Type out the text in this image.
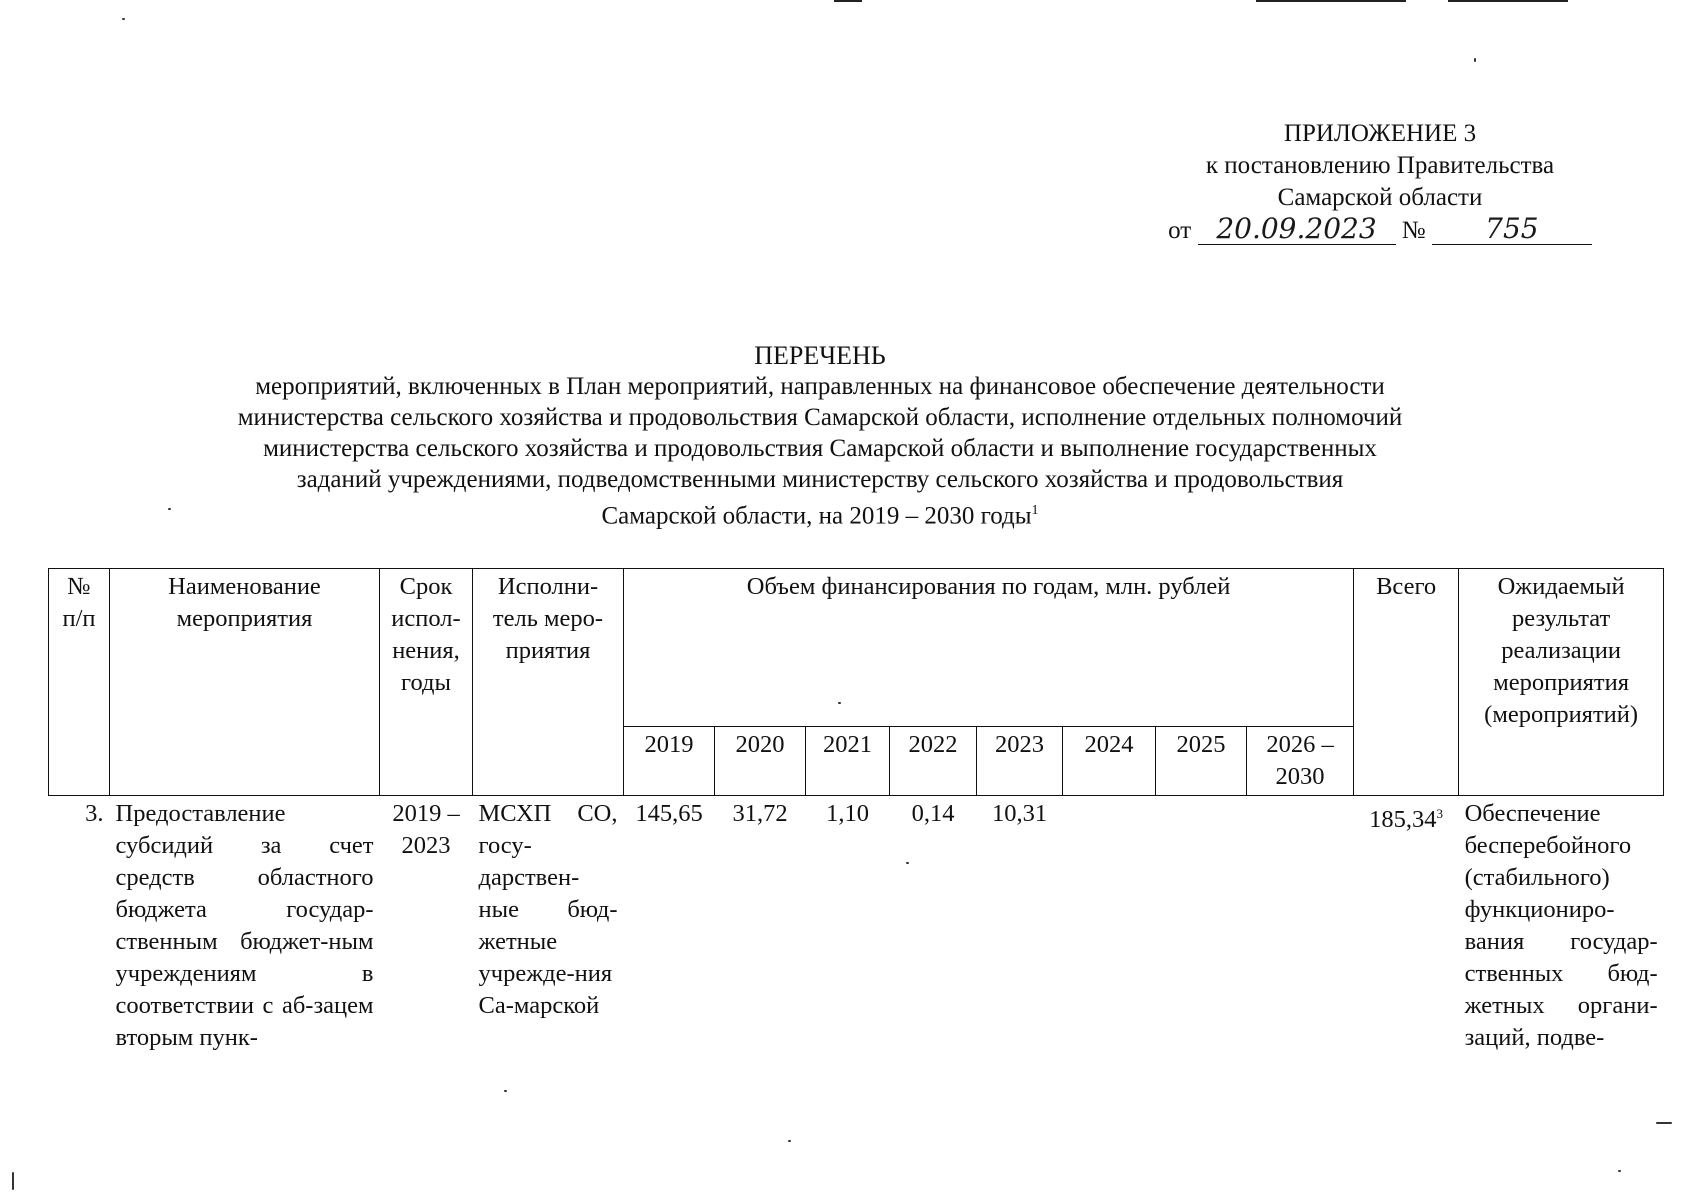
ПРИЛОЖЕНИЕ 3
к постановлению Правительства
Самарской области
от 20.09.2023 № 755
ПЕРЕЧЕНЬ
мероприятий, включенных в План мероприятий, направленных на финансовое обеспечение деятельности
министерства сельского хозяйства и продовольствия Самарской области, исполнение отдельных полномочий
министерства сельского хозяйства и продовольствия Самарской области и выполнение государственных
заданий учреждениями, подведомственными министерству сельского хозяйства и продовольствия
Самарской области, на 2019 – 2030 годы$^1$
№ п/п	Наименование мероприятия	Срок испол-нения, годы	Исполни-тель меро-приятия	Объем финансирования по годам, млн. рублей								Всего	Ожидаемый результат реализации мероприятия (мероприятий)
				2019	2020	2021	2022	2023	2024	2025	2026 – 2030		
3.	Предоставление субсидий за счет средств областного бюджета государ-ственным бюджет-ным учреждениям в соответствии с аб-зацем вторым пунк-	2019 – 2023	МСХП СО, госу-дарствен-ные бюд-жетные учрежде-ния Са-марской	145,65	31,72	1,10	0,14	10,31				185,34$^3$	Обеспечение бесперебойного (стабильного) функциониро-вания государ-ственных бюд-жетных органи-заций, подве-
